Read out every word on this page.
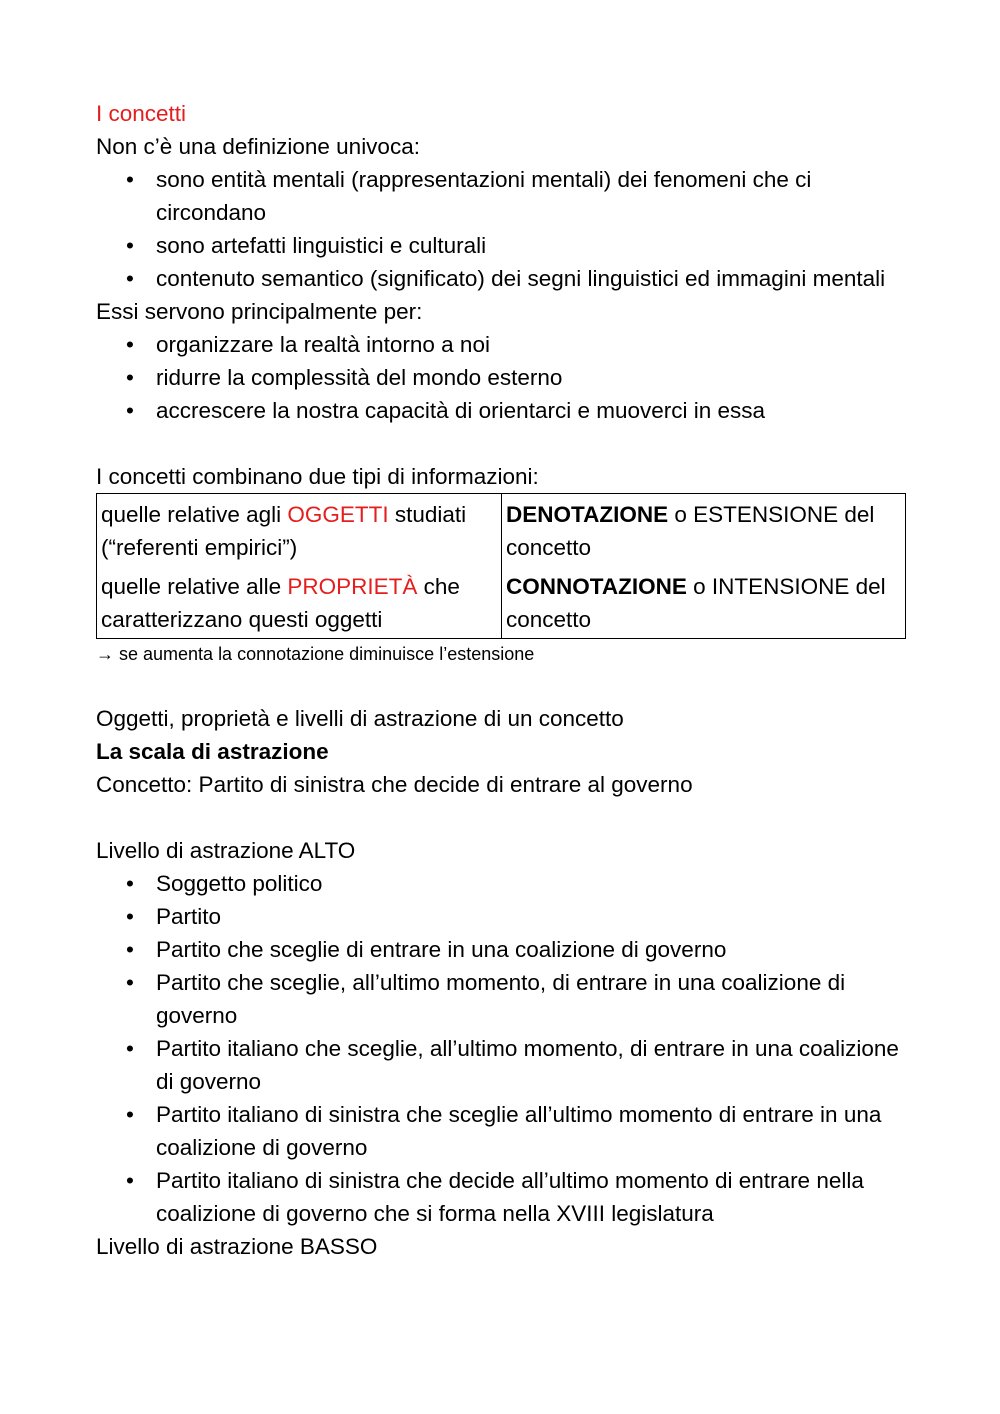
I concetti

Non c’è una definizione univoca:

• sono entità mentali (rappresentazioni mentali) dei fenomeni che ci circondano
• sono artefatti linguistici e culturali
• contenuto semantico (significato) dei segni linguistici ed immagini mentali

Essi servono principalmente per:

• organizzare la realtà intorno a noi
• ridurre la complessità del mondo esterno
• accrescere la nostra capacità di orientarci e muoverci in essa

I concetti combinano due tipi di informazioni:

quelle relative agli OGGETTI studiati (“referenti empirici”)	DENOTAZIONE o ESTENSIONE del concetto
quelle relative alle PROPRIETÀ che caratterizzano questi oggetti	CONNOTAZIONE o INTENSIONE del concetto

→ se aumenta la connotazione diminuisce l’estensione

Oggetti, proprietà e livelli di astrazione di un concetto

La scala di astrazione

Concetto: Partito di sinistra che decide di entrare al governo

Livello di astrazione ALTO

• Soggetto politico
• Partito
• Partito che sceglie di entrare in una coalizione di governo
• Partito che sceglie, all’ultimo momento, di entrare in una coalizione di governo
• Partito italiano che sceglie, all’ultimo momento, di entrare in una coalizione di governo
• Partito italiano di sinistra che sceglie all’ultimo momento di entrare in una coalizione di governo
• Partito italiano di sinistra che decide all’ultimo momento di entrare nella coalizione di governo che si forma nella XVIII legislatura

Livello di astrazione BASSO
